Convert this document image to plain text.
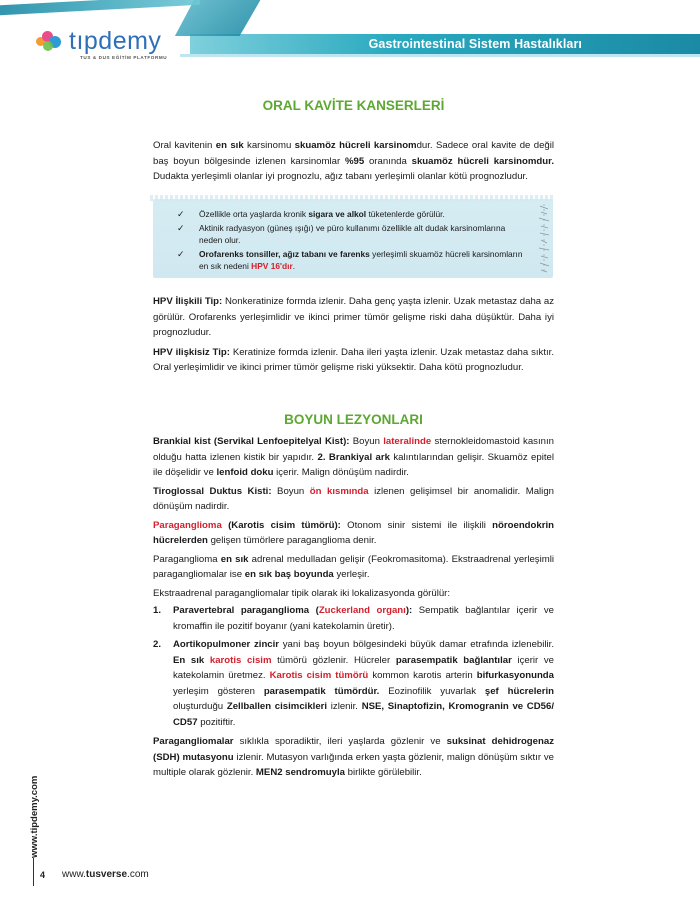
Gastrointestinal Sistem Hastalıkları
tıpdemy
TUS & DUS EĞİTİM PLATFORMU
ORAL KAVİTE KANSERLERİ

Oral kavitenin en sık karsinomu skuamöz hücreli karsinomdur. Sadece oral kavite de değil baş boyun bölgesinde izlenen karsinomlar %95 oranında skuamöz hücreli karsinomdur. Dudakta yerleşimli olanlar iyi prognozlu, ağız tabanı yerleşimli olanlar kötü prognozludur.

✓ Özellikle orta yaşlarda kronik sigara ve alkol tüketenlerde görülür.
✓ Aktinik radyasyon (güneş ışığı) ve püro kullanımı özellikle alt dudak karsinomlarına neden olur.
✓ Orofarenks tonsiller, ağız tabanı ve farenks yerleşimli skuamöz hücreli karsinomların en sık nedeni HPV 16'dır.

HPV İlişkili Tip: Nonkeratinize formda izlenir. Daha genç yaşta izlenir. Uzak metastaz daha az görülür. Orofarenks yerleşimlidir ve ikinci primer tümör gelişme riski daha düşüktür. Daha iyi prognozludur.

HPV ilişkisiz Tip: Keratinize formda izlenir. Daha ileri yaşta izlenir. Uzak metastaz daha sıktır. Oral yerleşimlidir ve ikinci primer tümör gelişme riski yüksektir. Daha kötü prognozludur.

BOYUN LEZYONLARI

Brankial kist (Servikal Lenfoepitelyal Kist): Boyun lateralinde sternokleidomastoid kasının olduğu hatta izlenen kistik bir yapıdır. 2. Brankiyal ark kalıntılarından gelişir. Skuamöz epitel ile döşelidir ve lenfoid doku içerir. Malign dönüşüm nadirdir.

Tiroglossal Duktus Kisti: Boyun ön kısmında izlenen gelişimsel bir anomalidir. Malign dönüşüm nadirdir.

Paraganglioma (Karotis cisim tümörü): Otonom sinir sistemi ile ilişkili nöroendokrin hücrelerden gelişen tümörlere paraganglioma denir.

Paraganglioma en sık adrenal medulladan gelişir (Feokromasitoma). Ekstraadrenal yerleşimli paragangliomalar ise en sık baş boyunda yerleşir.

Ekstraadrenal paragangliomalar tipik olarak iki lokalizasyonda görülür:

1. Paravertebral paraganglioma (Zuckerland organı): Sempatik bağlantılar içerir ve kromaffin ile pozitif boyanır (yani katekolamin üretir).
2. Aortikopulmoner zincir yani baş boyun bölgesindeki büyük damar etrafında izlenebilir. En sık karotis cisim tümörü gözlenir. Hücreler parasempatik bağlantılar içerir ve katekolamin üretmez. Karotis cisim tümörü kommon karotis arterin bifurkasyonunda yerleşim gösteren parasempatik tümördür. Eozinofilik yuvarlak şef hücrelerin oluşturduğu Zellballen cisimcikleri izlenir. NSE, Sinaptofizin, Kromogranin ve CD56/ CD57 pozitiftir.

Paragangliomalar sıklıkla sporadiktir, ileri yaşlarda gözlenir ve suksinat dehidrogenaz (SDH) mutasyonu izlenir. Mutasyon varlığında erken yaşta gözlenir, malign dönüşüm sıktır ve multiple olarak gözlenir. MEN2 sendromuyla birlikte görülebilir.

www.tipdemy.com
4 www.tusverse.com
